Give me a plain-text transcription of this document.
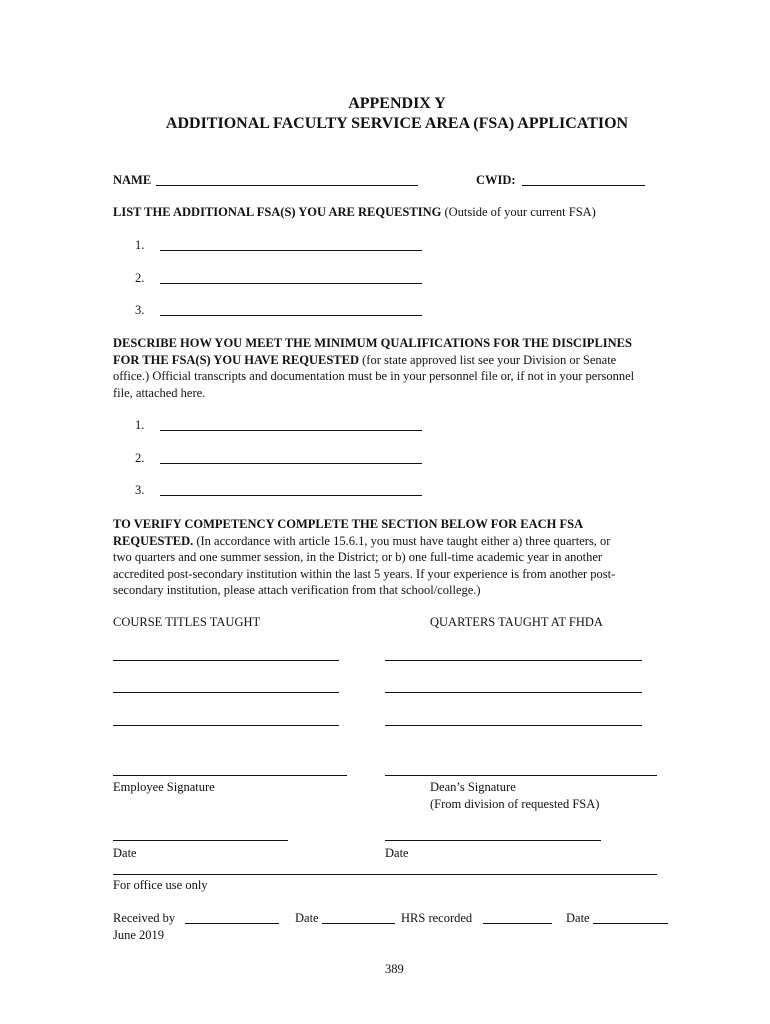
APPENDIX Y
ADDITIONAL FACULTY SERVICE AREA (FSA) APPLICATION
NAME	CWID:
LIST THE ADDITIONAL FSA(S) YOU ARE REQUESTING (Outside of your current FSA)
1.
2.
3.
DESCRIBE HOW YOU MEET THE MINIMUM QUALIFICATIONS FOR THE DISCIPLINES
FOR THE FSA(S) YOU HAVE REQUESTED (for state approved list see your Division or Senate
office.) Official transcripts and documentation must be in your personnel file or, if not in your personnel
file, attached here.
1.
2.
3.
TO VERIFY COMPETENCY COMPLETE THE SECTION BELOW FOR EACH FSA
REQUESTED. (In accordance with article 15.6.1, you must have taught either a) three quarters, or
two quarters and one summer session, in the District; or b) one full-time academic year in another
accredited post-secondary institution within the last 5 years. If your experience is from another post-
secondary institution, please attach verification from that school/college.)
COURSE TITLES TAUGHT	QUARTERS TAUGHT AT FHDA
Employee Signature	Dean’s Signature
(From division of requested FSA)
Date	Date
For office use only
Received by	Date	HRS recorded	Date
June 2019
389
